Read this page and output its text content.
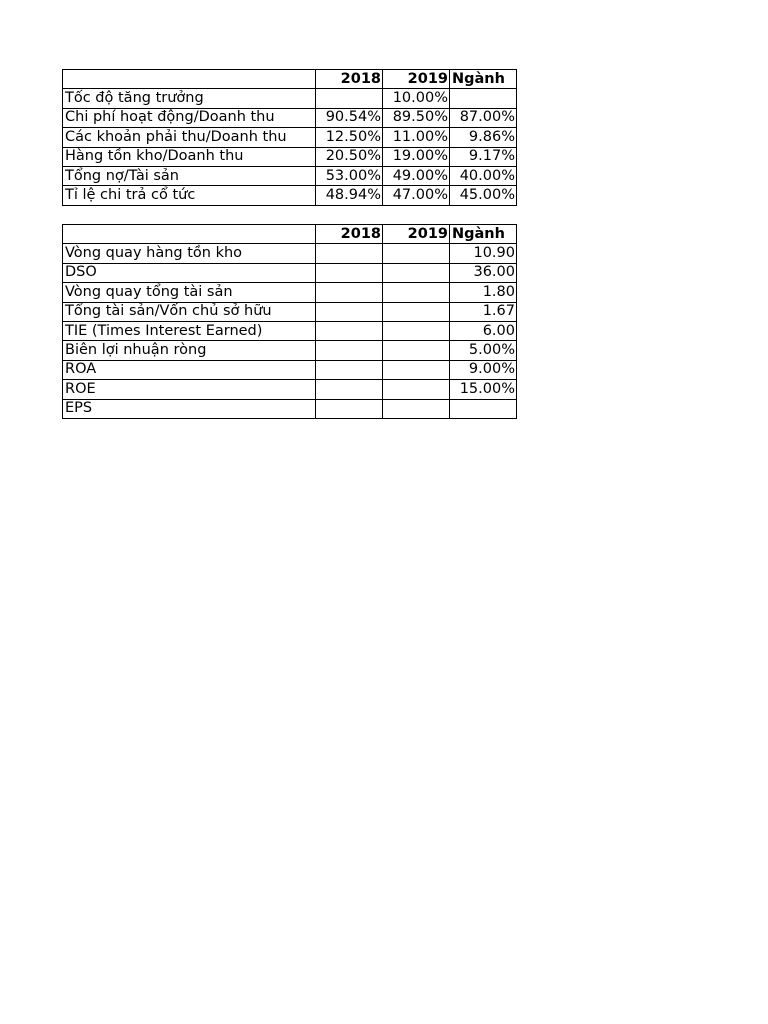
	2018	2019	Ngành
Tốc độ tăng trưởng		10.00%	
Chi phí hoạt động/Doanh thu	90.54%	89.50%	87.00%
Các khoản phải thu/Doanh thu	12.50%	11.00%	9.86%
Hàng tồn kho/Doanh thu	20.50%	19.00%	9.17%
Tổng nợ/Tài sản	53.00%	49.00%	40.00%
Tỉ lệ chi trả cổ tức	48.94%	47.00%	45.00%
	2018	2019	Ngành
Vòng quay hàng tồn kho			10.90
DSO			36.00
Vòng quay tổng tài sản			1.80
Tổng tài sản/Vốn chủ sở hữu			1.67
TIE (Times Interest Earned)			6.00
Biên lợi nhuận ròng			5.00%
ROA			9.00%
ROE			15.00%
EPS			
